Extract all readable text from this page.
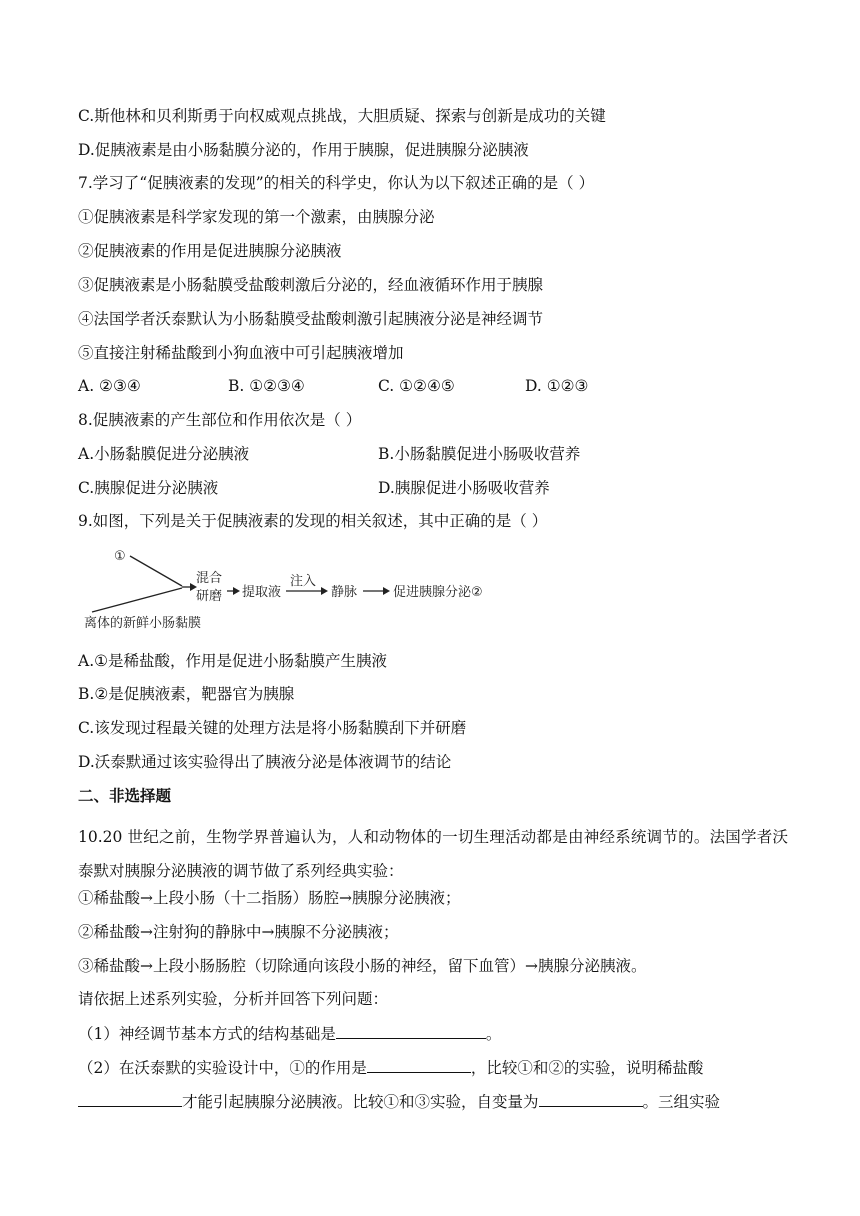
C.斯他林和贝利斯勇于向权威观点挑战，大胆质疑、探索与创新是成功的关键
D.促胰液素是由小肠黏膜分泌的，作用于胰腺，促进胰腺分泌胰液
7.学习了“促胰液素的发现”的相关的科学史，你认为以下叙述正确的是（ ）
①促胰液素是科学家发现的第一个激素，由胰腺分泌
②促胰液素的作用是促进胰腺分泌胰液
③促胰液素是小肠黏膜受盐酸刺激后分泌的，经血液循环作用于胰腺
④法国学者沃泰默认为小肠黏膜受盐酸刺激引起胰液分泌是神经调节
⑤直接注射稀盐酸到小狗血液中可引起胰液增加
A. ②③④	B. ①②③④	C. ①②④⑤	D. ①②③
8.促胰液素的产生部位和作用依次是（ ）
A.小肠黏膜促进分泌胰液	B.小肠黏膜促进小肠吸收营养
C.胰腺促进分泌胰液	D.胰腺促进小肠吸收营养
9.如图，下列是关于促胰液素的发现的相关叙述，其中正确的是（ ）
①
混合
研磨 提取液
注入
静脉	促进胰腺分泌②
离体的新鲜小肠黏膜
A.①是稀盐酸，作用是促进小肠黏膜产生胰液
B.②是促胰液素，靶器官为胰腺
C.该发现过程最关键的处理方法是将小肠黏膜刮下并研磨
D.沃泰默通过该实验得出了胰液分泌是体液调节的结论
二、非选择题
10.20 世纪之前，生物学界普遍认为，人和动物体的一切生理活动都是由神经系统调节的。法国学者沃泰默对胰腺分泌胰液的调节做了系列经典实验：
①稀盐酸→上段小肠（十二指肠）肠腔→胰腺分泌胰液；
②稀盐酸→注射狗的静脉中→胰腺不分泌胰液；
③稀盐酸→上段小肠肠腔（切除通向该段小肠的神经，留下血管）→胰腺分泌胰液。
请依据上述系列实验，分析并回答下列问题：
（1）神经调节基本方式的结构基础是	。
（2）在沃泰默的实验设计中，①的作用是	，比较①和②的实验，说明稀盐酸
才能引起胰腺分泌胰液。比较①和③实验，自变量为	。三组实验
